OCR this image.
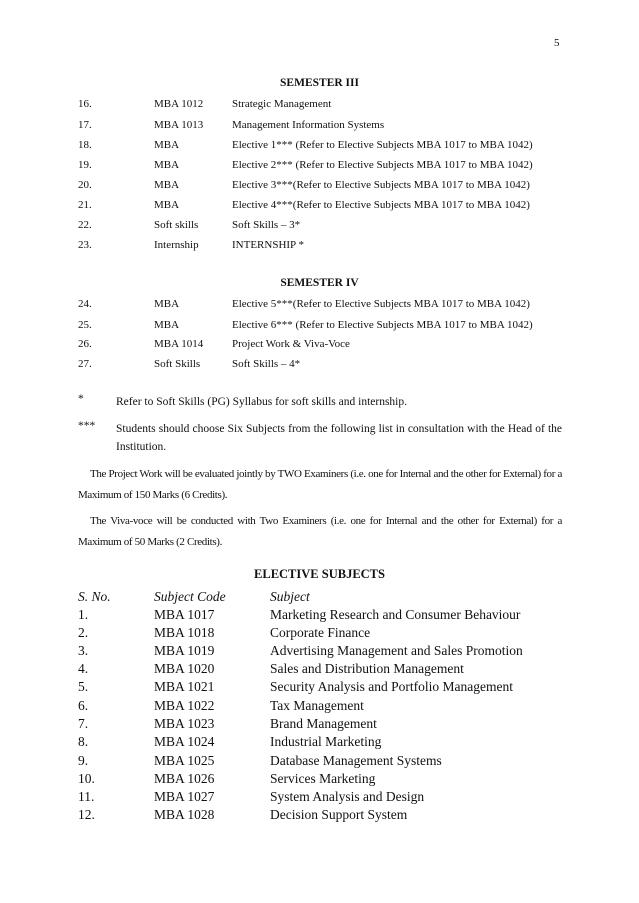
5
SEMESTER III
16.	MBA 1012	Strategic Management
17.	MBA 1013	Management Information Systems
18.	MBA	Elective 1*** (Refer to Elective Subjects MBA 1017 to MBA 1042)
19.	MBA	Elective 2*** (Refer to Elective Subjects MBA 1017 to MBA 1042)
20.	MBA	Elective 3***(Refer to Elective Subjects MBA 1017 to MBA 1042)
21.	MBA	Elective 4***(Refer to Elective Subjects MBA 1017 to MBA 1042)
22.	Soft skills	Soft Skills – 3*
23.	Internship	INTERNSHIP *
SEMESTER IV
24.	MBA	Elective 5***(Refer to Elective Subjects MBA 1017 to MBA 1042)
25.	MBA	Elective 6*** (Refer to Elective Subjects MBA 1017 to MBA 1042)
26.	MBA 1014	Project Work & Viva-Voce
27.	Soft Skills	Soft Skills – 4*
*	Refer to Soft Skills (PG) Syllabus for soft skills and internship.
*** Students should choose Six Subjects from the following list in consultation with the Head of the Institution.
The Project Work will be evaluated jointly by TWO Examiners (i.e. one for Internal and the other for External) for a Maximum of 150 Marks (6 Credits).
The Viva-voce will be conducted with Two Examiners (i.e. one for Internal and the other for External) for a Maximum of 50 Marks (2 Credits).
ELECTIVE SUBJECTS
S. No.	Subject Code	Subject
1.	MBA 1017	Marketing Research and Consumer Behaviour
2.	MBA 1018	Corporate Finance
3.	MBA 1019	Advertising Management and Sales Promotion
4.	MBA 1020	Sales and Distribution Management
5.	MBA 1021	Security Analysis and Portfolio Management
6.	MBA 1022	Tax Management
7.	MBA 1023	Brand Management
8.	MBA 1024	Industrial Marketing
9.	MBA 1025	Database Management Systems
10.	MBA 1026	Services Marketing
11.	MBA 1027	System Analysis and Design
12.	MBA 1028	Decision Support System
